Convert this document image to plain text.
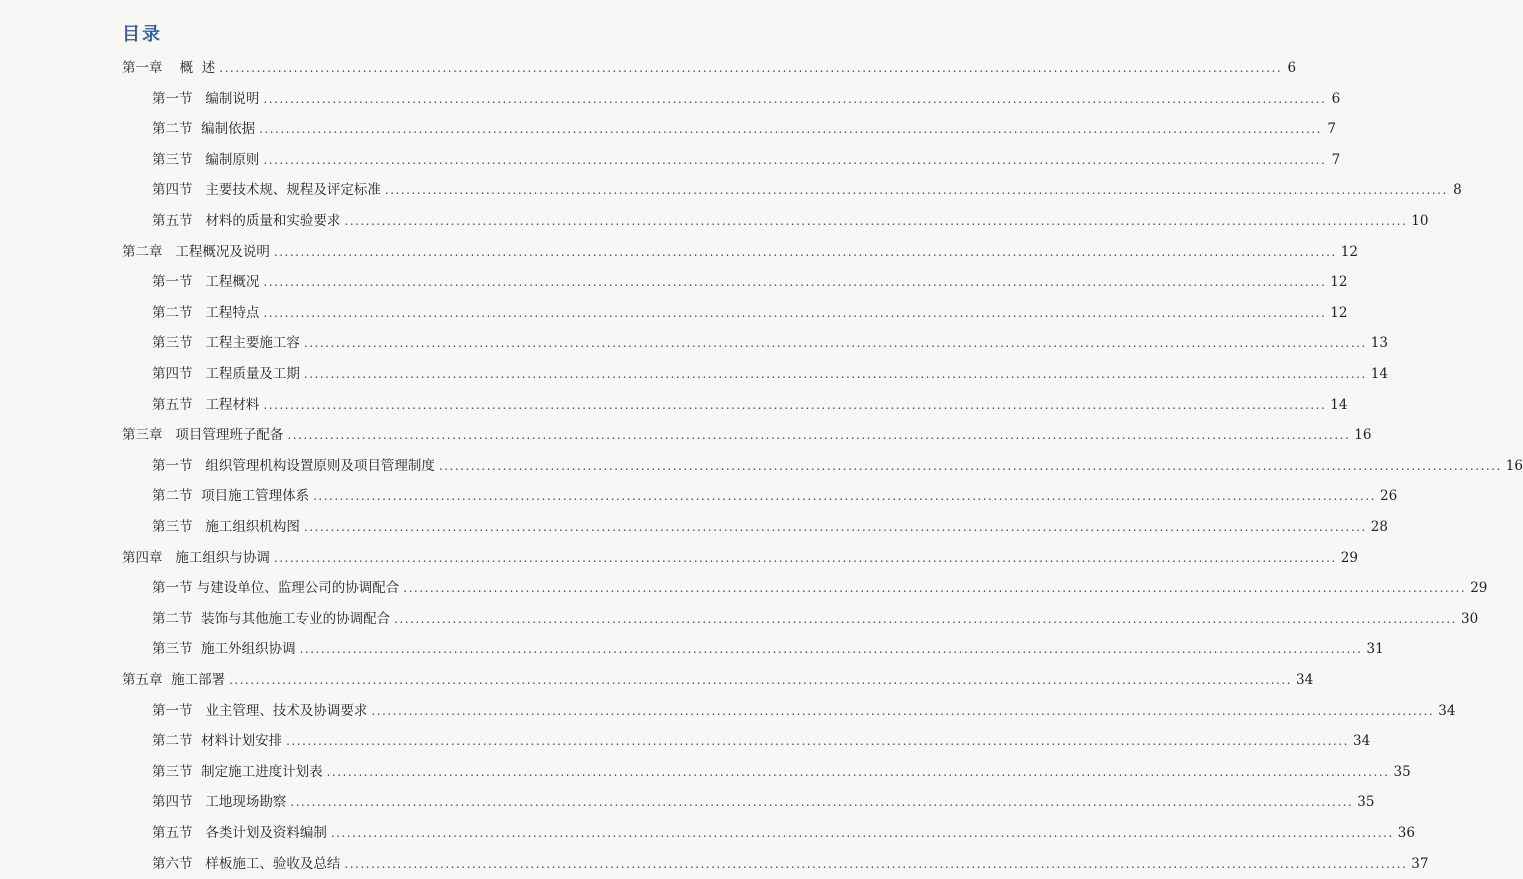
目录
第一章    概  述 ........................................................................................................................................................................................................ 6
第一节   编制说明 ........................................................................................................................................................................................................ 6
第二节  编制依据 ........................................................................................................................................................................................................ 7
第三节   编制原则 ........................................................................................................................................................................................................ 7
第四节   主要技术规、规程及评定标准 ........................................................................................................................................................................................................ 8
第五节   材料的质量和实验要求 ........................................................................................................................................................................................................ 10
第二章   工程概况及说明 ........................................................................................................................................................................................................ 12
第一节   工程概况 ........................................................................................................................................................................................................ 12
第二节   工程特点 ........................................................................................................................................................................................................ 12
第三节   工程主要施工容 ........................................................................................................................................................................................................ 13
第四节   工程质量及工期 ........................................................................................................................................................................................................ 14
第五节   工程材料 ........................................................................................................................................................................................................ 14
第三章   项目管理班子配备 ........................................................................................................................................................................................................ 16
第一节   组织管理机构设置原则及项目管理制度 ........................................................................................................................................................................................................ 16
第二节  项目施工管理体系 ........................................................................................................................................................................................................ 26
第三节   施工组织机构图 ........................................................................................................................................................................................................ 28
第四章   施工组织与协调 ........................................................................................................................................................................................................ 29
第一节 与建设单位、监理公司的协调配合 ........................................................................................................................................................................................................ 29
第二节  装饰与其他施工专业的协调配合 ........................................................................................................................................................................................................ 30
第三节  施工外组织协调 ........................................................................................................................................................................................................ 31
第五章  施工部署 ........................................................................................................................................................................................................ 34
第一节   业主管理、技术及协调要求 ........................................................................................................................................................................................................ 34
第二节  材料计划安排 ........................................................................................................................................................................................................ 34
第三节  制定施工进度计划表 ........................................................................................................................................................................................................ 35
第四节   工地现场勘察 ........................................................................................................................................................................................................ 35
第五节   各类计划及资料编制 ........................................................................................................................................................................................................ 36
第六节   样板施工、验收及总结 ........................................................................................................................................................................................................ 37
